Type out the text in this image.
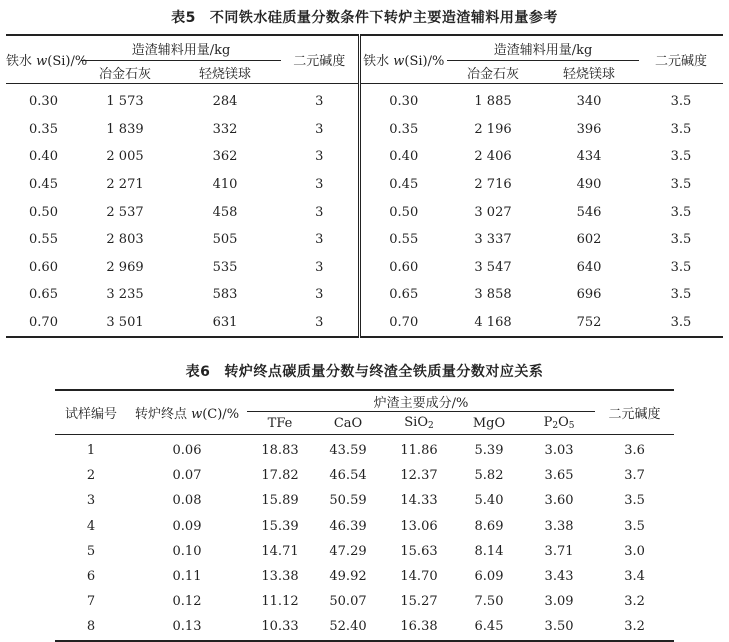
表5 不同铁水硅质量分数条件下转炉主要造渣辅料用量参考
铁水 w(Si)/%	造渣辅料用量/kg		二元碱度	铁水 w(Si)/%	造渣辅料用量/kg		二元碱度
	冶金石灰	轻烧镁球			冶金石灰	轻烧镁球	
0.30	1 573	284	3	0.30	1 885	340	3.5
0.35	1 839	332	3	0.35	2 196	396	3.5
0.40	2 005	362	3	0.40	2 406	434	3.5
0.45	2 271	410	3	0.45	2 716	490	3.5
0.50	2 537	458	3	0.50	3 027	546	3.5
0.55	2 803	505	3	0.55	3 337	602	3.5
0.60	2 969	535	3	0.60	3 547	640	3.5
0.65	3 235	583	3	0.65	3 858	696	3.5
0.70	3 501	631	3	0.70	4 168	752	3.5
表6 转炉终点碳质量分数与终渣全铁质量分数对应关系
试样编号	转炉终点 w(C)/%	炉渣主要成分/%					二元碱度
		TFe	CaO	SiO$_2$	MgO	$P_2O_5$
1	0.06	18.83	43.59	11.86	5.39	3.03	3.6
2	0.07	17.82	46.54	12.37	5.82	3.65	3.7
3	0.08	15.89	50.59	14.33	5.40	3.60	3.5
4	0.09	15.39	46.39	13.06	8.69	3.38	3.5
5	0.10	14.71	47.29	15.63	8.14	3.71	3.0
6	0.11	13.38	49.92	14.70	6.09	3.43	3.4
7	0.12	11.12	50.07	15.27	7.50	3.09	3.2
8	0.13	10.33	52.40	16.38	6.45	3.50	3.2
